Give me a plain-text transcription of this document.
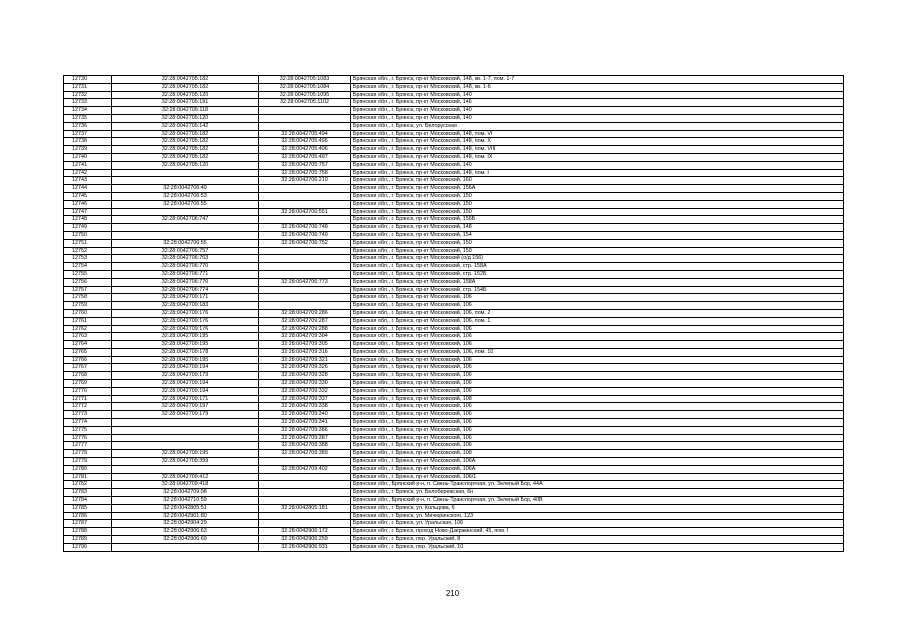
12730	32:28:0042705:182	32:28:0042705:1083	Брянская обл., г. Брянск, пр-кт Московский, 148, кв. 1-7, пом. 1-7
12731	32:28:0042705:182	32:28:0042705:1084	Брянская обл., г. Брянск, пр-кт Московский, 148, кв. 1-6
12732	32:28:0042705:120	32:28:0042705:1095	Брянская обл., г. Брянск, пр-кт Московский, 140
12733	32:28:0042705:191	32:28:0042705:1102	Брянская обл., г. Брянск, пр-кт Московский, 146
12734	32:28:0042705:118		Брянская обл., г. Брянск, пр-кт Московский, 140
12735	32:28:0042705:120		Брянская обл., г. Брянск, пр-кт Московский, 140
12736	32:28:0042705:142		Брянская обл., г. Брянск, ул. Белорусская
12737	32:28:0042705:182	32:28:0042705:494	Брянская обл., г. Брянск, пр-кт Московский, 148, пом. VI
12738	32:28:0042705:182	32:28:0042705:495	Брянская обл., г. Брянск, пр-кт Московский, 148, пом. X
12739	32:28:0042705:182	32:28:0042705:496	Брянская обл., г. Брянск, пр-кт Московский, 148, пом. VIII
12740	32:28:0042705:182	32:28:0042705:497	Брянская обл., г. Брянск, пр-кт Московский, 148, пом. IX
12741	32:28:0042705:120	32:28:0042705:757	Брянская обл., г. Брянск, пр-кт Московский, 140
12742		32:28:0042705:758	Брянская обл., г. Брянск, пр-кт Московский, 148, пом. I
12743		32:28:0042706:210	Брянская обл., г. Брянск, пр-кт Московский, 160
12744	32:28:0042706:49		Брянская обл., г. Брянск, пр-кт Московский, 156А
12745	32:28:0042706:53		Брянская обл., г. Брянск, пр-кт Московский, 150
12746	32:28:0042706:55		Брянская обл., г. Брянск, пр-кт Московский, 150
12747		32:28:0042706:551	Брянская обл., г. Брянск, пр-кт Московский, 150
12748	32:28:0042706:747		Брянская обл., г. Брянск, пр-кт Московский, 156Б
12749		32:28:0042706:748	Брянская обл., г. Брянск, пр-кт Московский, 148
12750		32:28:0042706:749	Брянская обл., г. Брянск, пр-кт Московский, 154
12751	32:28:0042706:55	32:28:0042706:752	Брянская обл., г. Брянск, пр-кт Московский, 150
12752	32:28:0042706:757		Брянская обл., г. Брянск, пр-кт Московский, 150
12753	32:28:0042706:763		Брянская обл., г. Брянск, пр-кт Московский (о/д 156)
12754	32:28:0042706:770		Брянская обл., г. Брянск, пр-кт Московский, стр. 158А
12755	32:28:0042706:771		Брянская обл., г. Брянск, пр-кт Московский, стр. 152Б
12756	32:28:0042706:770	32:28:0042706:773	Брянская обл., г. Брянск, пр-кт Московский, 158А
12757	32:28:0042706:774		Брянская обл., г. Брянск, пр-кт Московский, стр. 154Б
12758	32:28:0042709:171		Брянская обл., г. Брянск, пр-кт Московский, 106
12759	32:28:0042709:183		Брянская обл., г. Брянск, пр-кт Московский, 106
12760	32:28:0042709:176	32:28:0042709:286	Брянская обл., г. Брянск, пр-кт Московский, 106, пом. 2
12761	32:28:0042709:176	32:28:0042709:287	Брянская обл., г. Брянск, пр-кт Московский, 106, пом. 1
12762	32:28:0042709:176	32:28:0042709:288	Брянская обл., г. Брянск, пр-кт Московский, 106
12763	32:28:0042709:195	32:28:0042709:304	Брянская обл., г. Брянск, пр-кт Московский, 106
12764	32:28:0042709:195	32:28:0042709:305	Брянская обл., г. Брянск, пр-кт Московский, 106
12765	32:28:0042709:178	32:28:0042709:316	Брянская обл., г. Брянск, пр-кт Московский, 106, пом. 10
12766	32:28:0042709:195	32:28:0042709:321	Брянская обл., г. Брянск, пр-кт Московский, 106
12767	32:28:0042709:194	32:28:0042709:326	Брянская обл., г. Брянск, пр-кт Московский, 106
12768	32:28:0042709:179	32:28:0042709:328	Брянская обл., г. Брянск, пр-кт Московский, 106
12769	32:28:0042709:194	32:28:0042709:330	Брянская обл., г. Брянск, пр-кт Московский, 106
12770	32:28:0042709:194	32:28:0042709:332	Брянская обл., г. Брянск, пр-кт Московский, 106
12771	32:28:0042709:171	32:28:0042709:337	Брянская обл., г. Брянск, пр-кт Московский, 108
12772	32:28:0042709:197	32:28:0042709:338	Брянская обл., г. Брянск, пр-кт Московский, 106
12773	32:28:0042709:179	32:28:0042709:340	Брянская обл., г. Брянск, пр-кт Московский, 106
12774		32:28:0042709:341	Брянская обл., г. Брянск, пр-кт Московский, 106
12775		32:28:0042709:386	Брянская обл., г. Брянск, пр-кт Московский, 106
12776		32:28:0042709:387	Брянская обл., г. Брянск, пр-кт Московский, 106
12777		32:28:0042709:388	Брянская обл., г. Брянск, пр-кт Московский, 106
12778	32:28:0042709:195	32:28:0042709:389	Брянская обл., г. Брянск, пр-кт Московский, 108
12779	32:28:0042709:399		Брянская обл., г. Брянск, пр-кт Московский, 106А
12780		32:28:0042709:402	Брянская обл., г. Брянск, пр-кт Московский, 106А
12781	32:28:0042709:412		Брянская обл., г. Брянск, пр-кт Московский, 106/1
12782	32:28:0042709:418		Брянская обл., Брянский р-н, п. Свень-Транспортная, ул. Зеленый Бор, 44А
12783	32:28:0042709:98		Брянская обл., г. Брянск, ул. Белобережская, 6н
12784	32:28:0042710:59		Брянская обл., Брянский р-н, п. Свень-Транспортная, ул. Зеленый Бор, 40В
12785	32:28:0042805:51	32:28:0042805:181	Брянская обл., г. Брянск, ул. Кольцова, 6
12786	32:28:0042901:80		Брянская обл., г. Брянск, ул. Мичюринского, 123
12787	32:28:0042904:29		Брянская обл., г. Брянск, ул. Уральская, 106
12788	32:28:0042906:63	32:28:0042906:172	Брянская обл., г. Брянск, проезд Ново-Дзержинский, 45, пом. I
12789	32:28:0042906:69	32:28:0042906:259	Брянская обл., г. Брянск, пер. Уральский, 8
12790		32:28:0042906:931	Брянская обл., г. Брянск, пер. Уральский, 10
210
